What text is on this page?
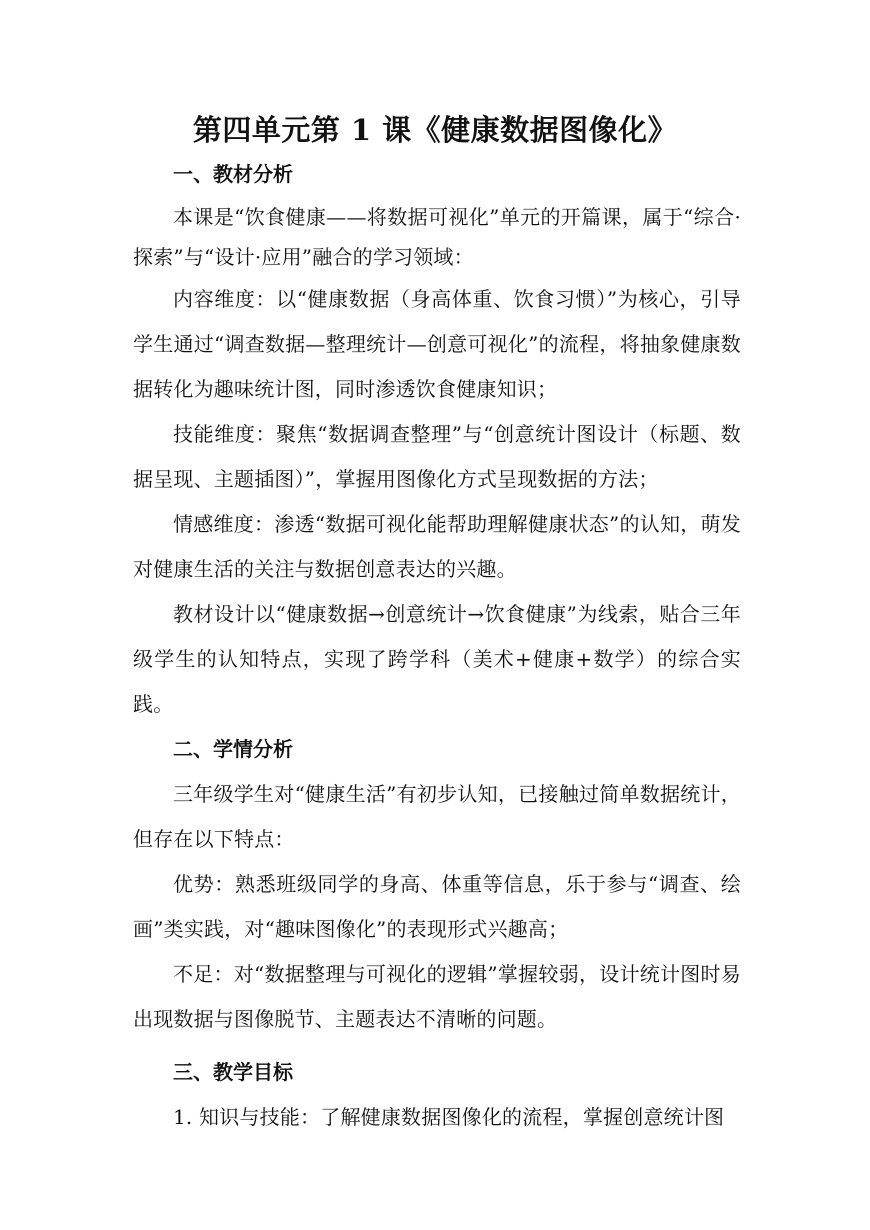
第四单元第 1 课《健康数据图像化》
一、教材分析
本课是“饮食健康——将数据可视化”单元的开篇课，属于“综合·探索”与“设计·应用”融合的学习领域：
内容维度：以“健康数据（身高体重、饮食习惯）”为核心，引导学生通过“调查数据—整理统计—创意可视化”的流程，将抽象健康数据转化为趣味统计图，同时渗透饮食健康知识；
技能维度：聚焦“数据调查整理”与“创意统计图设计（标题、数据呈现、主题插图）”，掌握用图像化方式呈现数据的方法；
情感维度：渗透“数据可视化能帮助理解健康状态”的认知，萌发对健康生活的关注与数据创意表达的兴趣。
教材设计以“健康数据→创意统计→饮食健康”为线索，贴合三年级学生的认知特点，实现了跨学科（美术+健康+数学）的综合实践。
二、学情分析
三年级学生对“健康生活”有初步认知，已接触过简单数据统计，但存在以下特点：
优势：熟悉班级同学的身高、体重等信息，乐于参与“调查、绘画”类实践，对“趣味图像化”的表现形式兴趣高；
不足：对“数据整理与可视化的逻辑”掌握较弱，设计统计图时易出现数据与图像脱节、主题表达不清晰的问题。
三、教学目标
1. 知识与技能：了解健康数据图像化的流程，掌握创意统计图
